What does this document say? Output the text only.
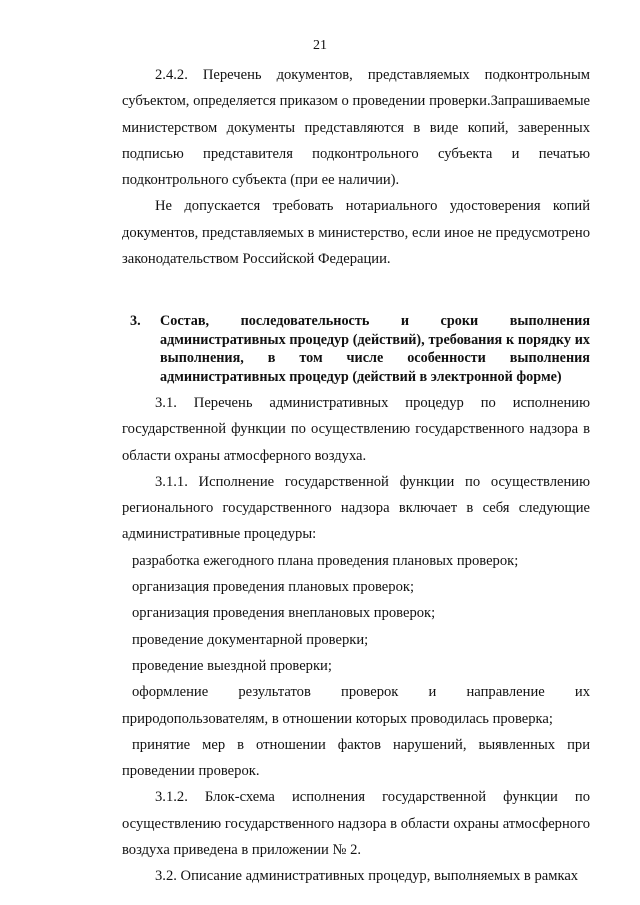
21

2.4.2. Перечень документов, представляемых подконтрольным субъектом, определяется приказом о проведении проверки.Запрашиваемые министерством документы представляются в виде копий, заверенных подписью представителя подконтрольного субъекта и печатью подконтрольного субъекта (при ее наличии).

Не допускается требовать нотариального удостоверения копий документов, представляемых в министерство, если иное не предусмотрено законодательством Российской Федерации.

3.	Состав, последовательность и сроки выполнения административных процедур (действий), требования к порядку их выполнения, в том числе особенности выполнения административных процедур (действий в электронной форме)

3.1. Перечень административных процедур по исполнению государственной функции по осуществлению государственного надзора в области охраны атмосферного воздуха.

3.1.1. Исполнение государственной функции по осуществлению регионального государственного надзора включает в себя следующие административные процедуры:

разработка ежегодного плана проведения плановых проверок;

организация проведения плановых проверок;

организация проведения внеплановых проверок;

проведение документарной проверки;

проведение выездной проверки;

оформление результатов проверок и направление их природопользователям, в отношении которых проводилась проверка;

принятие мер в отношении фактов нарушений, выявленных при проведении проверок.

3.1.2. Блок-схема исполнения государственной функции по осуществлению государственного надзора в области охраны атмосферного воздуха приведена в приложении № 2.

3.2. Описание административных процедур, выполняемых в рамках
